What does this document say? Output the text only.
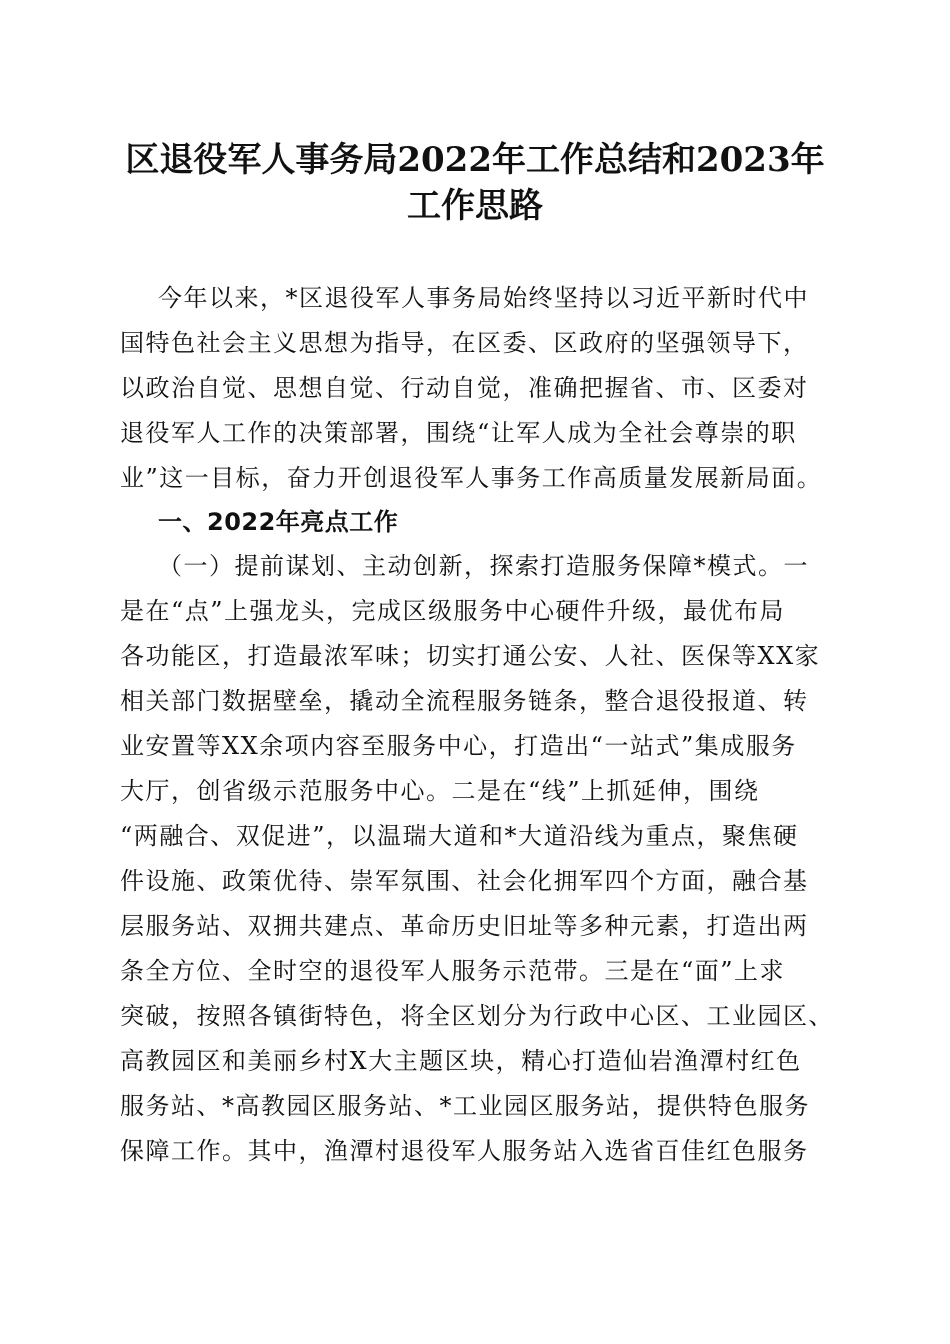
区退役军人事务局2022年工作总结和2023年
工作思路
今年以来，*区退役军人事务局始终坚持以习近平新时代中
国特色社会主义思想为指导，在区委、区政府的坚强领导下，
以政治自觉、思想自觉、行动自觉，准确把握省、市、区委对
退役军人工作的决策部署，围绕“让军人成为全社会尊崇的职
业”这一目标，奋力开创退役军人事务工作高质量发展新局面。
一、2022年亮点工作
（一）提前谋划、主动创新，探索打造服务保障*模式。一
是在“点”上强龙头，完成区级服务中心硬件升级，最优布局
各功能区，打造最浓军味；切实打通公安、人社、医保等XX家
相关部门数据壁垒，撬动全流程服务链条，整合退役报道、转
业安置等XX余项内容至服务中心，打造出“一站式”集成服务
大厅，创省级示范服务中心。二是在“线”上抓延伸，围绕
“两融合、双促进”，以温瑞大道和*大道沿线为重点，聚焦硬
件设施、政策优待、崇军氛围、社会化拥军四个方面，融合基
层服务站、双拥共建点、革命历史旧址等多种元素，打造出两
条全方位、全时空的退役军人服务示范带。三是在“面”上求
突破，按照各镇街特色，将全区划分为行政中心区、工业园区、
高教园区和美丽乡村X大主题区块，精心打造仙岩渔潭村红色
服务站、*高教园区服务站、*工业园区服务站，提供特色服务
保障工作。其中，渔潭村退役军人服务站入选省百佳红色服务
